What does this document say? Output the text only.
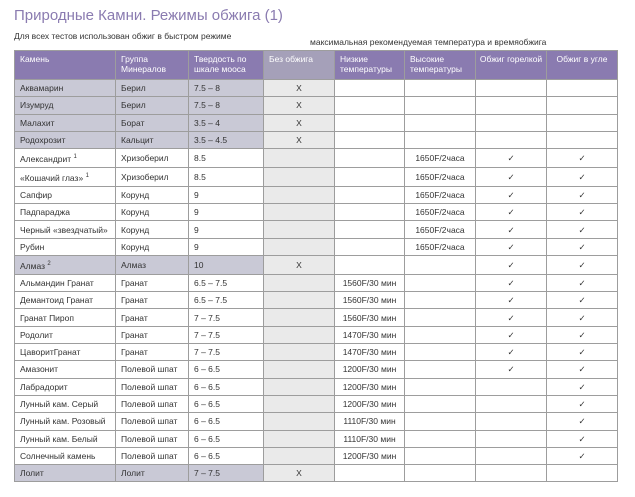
Природные Камни. Режимы обжига (1)
Для всех тестов использован обжиг в быстром режиме
максимальная рекомендуемая температура и времяобжига
Камень	Группа Минералов	Твердость по шкале мооса	Без обжига	Низкие температуры	Высокие температуры	Обжиг горелкой	Обжиг в угле
Аквамарин	Берил	7.5 – 8	X				
Изумруд	Берил	7.5 – 8	X				
Малахит	Борат	3.5 – 4	X				
Родохрозит	Кальцит	3.5 – 4.5	X				
Александрит $^1$	Хризоберил	8.5			1650F/2часа	✓	✓
«Кошачий глаз» $^1$	Хризоберил	8.5			1650F/2часа	✓	✓
Сапфир	Корунд	9			1650F/2часа	✓	✓
Падпараджа	Корунд	9			1650F/2часа	✓	✓
Черный «звездчатый»	Корунд	9			1650F/2часа	✓	✓
Рубин	Корунд	9			1650F/2часа	✓	✓
Алмаз $^2$	Алмаз	10	X			✓	✓
Альмандин Гранат	Гранат	6.5 – 7.5		1560F/30 мин		✓	✓
Демантоид Гранат	Гранат	6.5 – 7.5		1560F/30 мин		✓	✓
Гранат Пироп	Гранат	7 – 7.5		1560F/30 мин		✓	✓
Родолит	Гранат	7 – 7.5		1470F/30 мин		✓	✓
ЦаворитГранат	Гранат	7 – 7.5		1470F/30 мин		✓	✓
Амазонит	Полевой шпат	6 – 6.5		1200F/30 мин		✓	✓
Лабрадорит	Полевой шпат	6 – 6.5		1200F/30 мин			✓
Лунный кам. Серый	Полевой шпат	6 – 6.5		1200F/30 мин			✓
Лунный кам. Розовый	Полевой шпат	6 – 6.5		1110F/30 мин			✓
Лунный кам. Белый	Полевой шпат	6 – 6.5		1110F/30 мин			✓
Солнечный камень	Полевой шпат	6 – 6.5		1200F/30 мин			✓
Лолит	Лолит	7 – 7.5	X				
